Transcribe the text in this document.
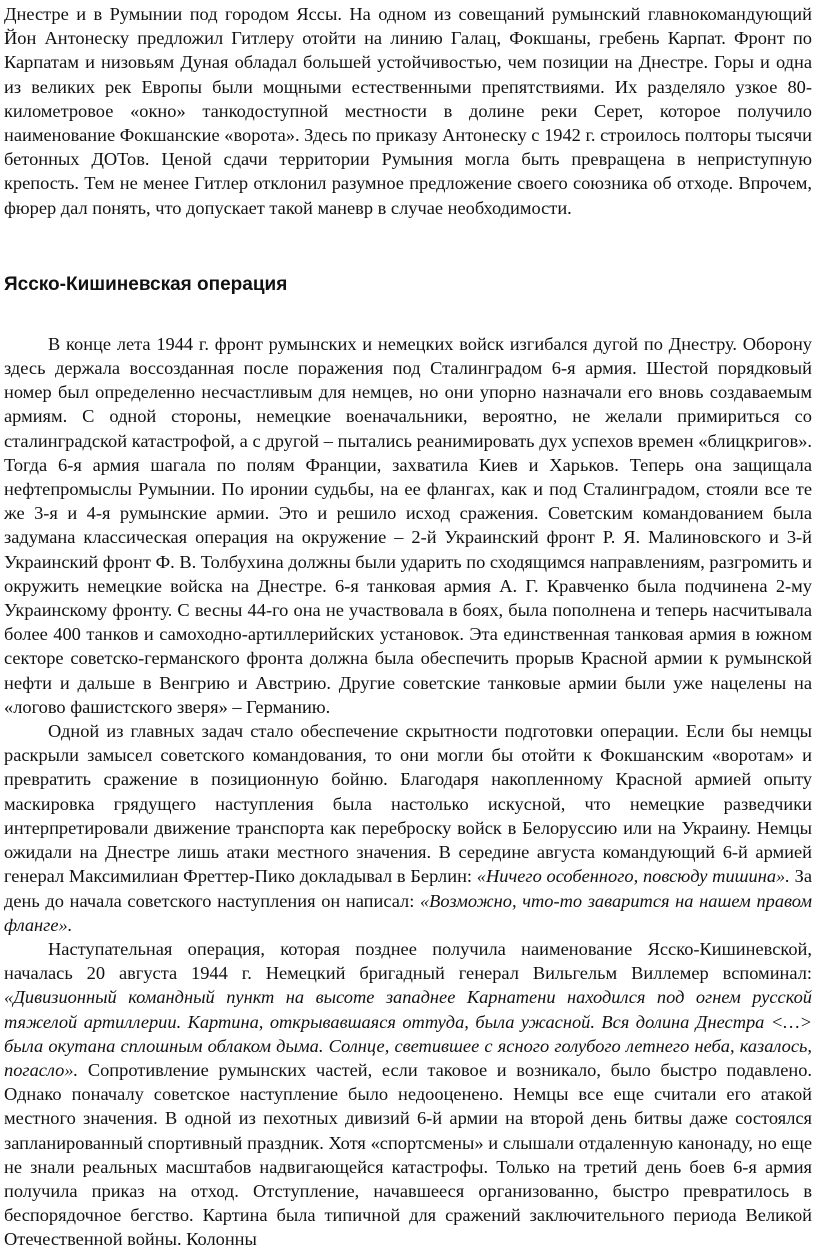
Днестре и в Румынии под городом Яссы. На одном из совещаний румынский главнокомандующий Йон Антонеску предложил Гитлеру отойти на линию Галац, Фокшаны, гребень Карпат. Фронт по Карпатам и низовьям Дуная обладал большей устойчивостью, чем позиции на Днестре. Горы и одна из великих рек Европы были мощными естественными препятствиями. Их разделяло узкое 80-километровое «окно» танкодоступной местности в долине реки Серет, которое получило наименование Фокшанские «ворота». Здесь по приказу Антонеску с 1942 г. строилось полторы тысячи бетонных ДОТов. Ценой сдачи территории Румыния могла быть превращена в неприступную крепость. Тем не менее Гитлер отклонил разумное предложение своего союзника об отходе. Впрочем, фюрер дал понять, что допускает такой маневр в случае необходимости.

Ясско-Кишиневская операция

В конце лета 1944 г. фронт румынских и немецких войск изгибался дугой по Днестру. Оборону здесь держала воссозданная после поражения под Сталинградом 6-я армия. Шестой порядковый номер был определенно несчастливым для немцев, но они упорно назначали его вновь создаваемым армиям. С одной стороны, немецкие военачальники, вероятно, не желали примириться со сталинградской катастрофой, а с другой – пытались реанимировать дух успехов времен «блицкригов». Тогда 6-я армия шагала по полям Франции, захватила Киев и Харьков. Теперь она защищала нефтепромыслы Румынии. По иронии судьбы, на ее флангах, как и под Сталинградом, стояли все те же 3-я и 4-я румынские армии. Это и решило исход сражения. Советским командованием была задумана классическая операция на окружение – 2-й Украинский фронт Р. Я. Малиновского и 3-й Украинский фронт Ф. В. Толбухина должны были ударить по сходящимся направлениям, разгромить и окружить немецкие войска на Днестре. 6-я танковая армия А. Г. Кравченко была подчинена 2-му Украинскому фронту. С весны 44-го она не участвовала в боях, была пополнена и теперь насчитывала более 400 танков и самоходно-артиллерийских установок. Эта единственная танковая армия в южном секторе советско-германского фронта должна была обеспечить прорыв Красной армии к румынской нефти и дальше в Венгрию и Австрию. Другие советские танковые армии были уже нацелены на «логово фашистского зверя» – Германию.

Одной из главных задач стало обеспечение скрытности подготовки операции. Если бы немцы раскрыли замысел советского командования, то они могли бы отойти к Фокшанским «воротам» и превратить сражение в позиционную бойню. Благодаря накопленному Красной армией опыту маскировка грядущего наступления была настолько искусной, что немецкие разведчики интерпретировали движение транспорта как переброску войск в Белоруссию или на Украину. Немцы ожидали на Днестре лишь атаки местного значения. В середине августа командующий 6-й армией генерал Максимилиан Фреттер-Пико докладывал в Берлин: «Ничего особенного, повсюду тишина». За день до начала советского наступления он написал: «Возможно, что-то заварится на нашем правом фланге».

Наступательная операция, которая позднее получила наименование Ясско-Кишиневской, началась 20 августа 1944 г. Немецкий бригадный генерал Вильгельм Виллемер вспоминал: «Дивизионный командный пункт на высоте западнее Карнатени находился под огнем русской тяжелой артиллерии. Картина, открывавшаяся оттуда, была ужасной. Вся долина Днестра <…> была окутана сплошным облаком дыма. Солнце, светившее с ясного голубого летнего неба, казалось, погасло». Сопротивление румынских частей, если таковое и возникало, было быстро подавлено. Однако поначалу советское наступление было недооценено. Немцы все еще считали его атакой местного значения. В одной из пехотных дивизий 6-й армии на второй день битвы даже состоялся запланированный спортивный праздник. Хотя «спортсмены» и слышали отдаленную канонаду, но еще не знали реальных масштабов надвигающейся катастрофы. Только на третий день боев 6-я армия получила приказ на отход. Отступление, начавшееся организованно, быстро превратилось в беспорядочное бегство. Картина была типичной для сражений заключительного периода Великой Отечественной войны. Колонны
